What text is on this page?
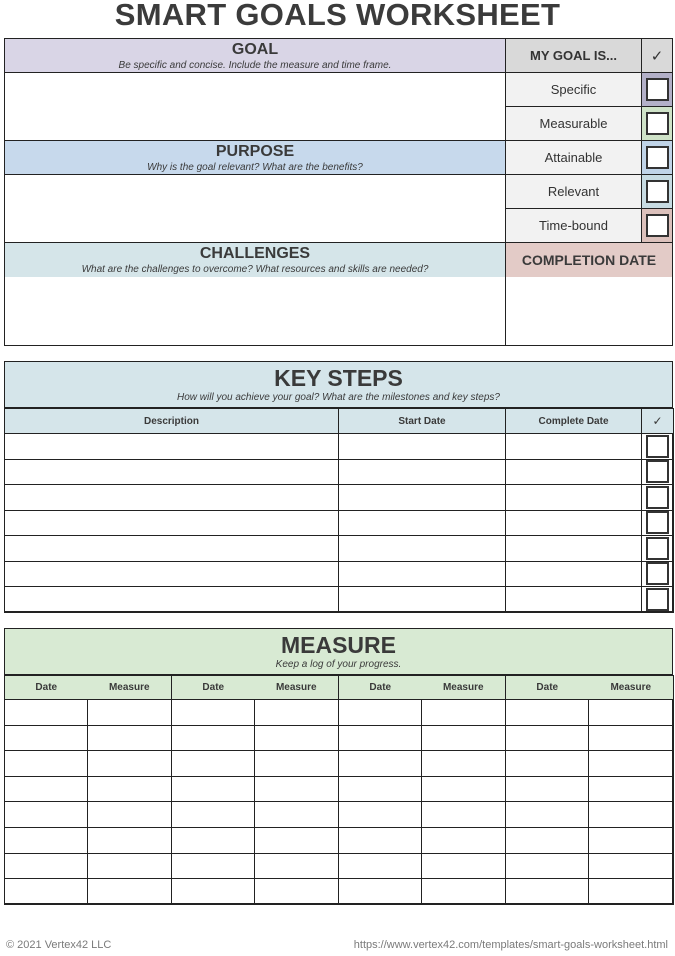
SMART GOALS WORKSHEET
GOAL
Be specific and concise. Include the measure and time frame.
PURPOSE
Why is the goal relevant? What are the benefits?
CHALLENGES
What are the challenges to overcome? What resources and skills are needed?
MY GOAL IS... ✓
Specific
Measurable
Attainable
Relevant
Time-bound
COMPLETION DATE
KEY STEPS
How will you achieve your goal? What are the milestones and key steps?
Description	Start Date	Complete Date	✓

MEASURE
Keep a log of your progress.
Date	Measure	Date	Measure	Date	Measure	Date	Measure

© 2021 Vertex42 LLC	https://www.vertex42.com/templates/smart-goals-worksheet.html
